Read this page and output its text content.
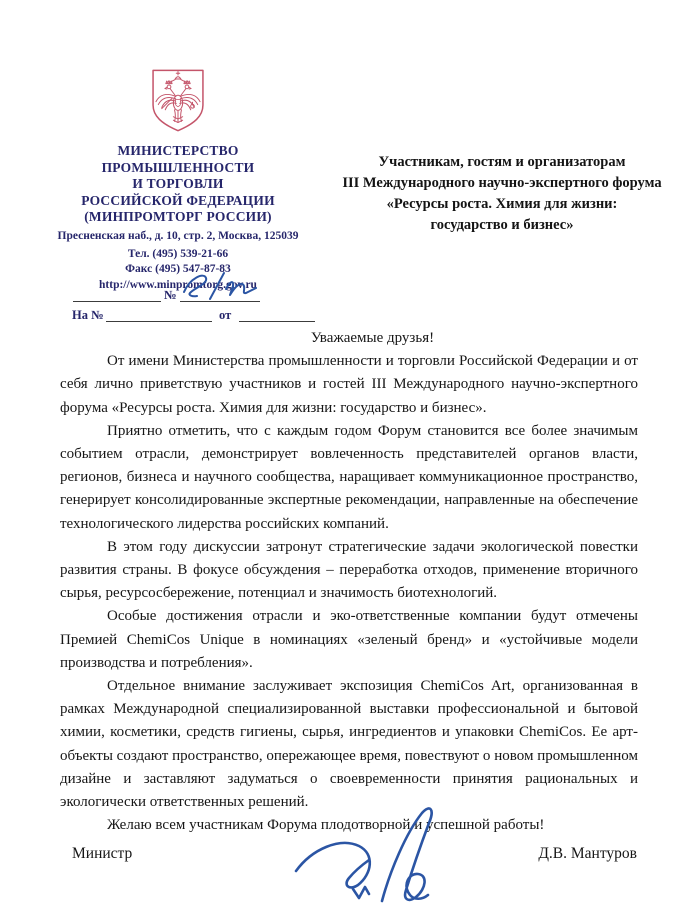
МИНИСТЕРСТВО
ПРОМЫШЛЕННОСТИ
И ТОРГОВЛИ
РОССИЙСКОЙ ФЕДЕРАЦИИ
(МИНПРОМТОРГ РОССИИ)
Пресненская наб., д. 10, стр. 2, Москва, 125039
Тел. (495) 539-21-66
Факс (495) 547-87-83
http://www.minpromtorg.gov.ru
№
На №	от
Участникам, гостям и организаторам
III Международного научно-экспертного форума
«Ресурсы роста. Химия для жизни:
государство и бизнес»

Уважаемые друзья!

От имени Министерства промышленности и торговли Российской Федерации и от себя лично приветствую участников и гостей III Международного научно-экспертного форума «Ресурсы роста. Химия для жизни: государство и бизнес».

Приятно отметить, что с каждым годом Форум становится все более значимым событием отрасли, демонстрирует вовлеченность представителей органов власти, регионов, бизнеса и научного сообщества, наращивает коммуникационное пространство, генерирует консолидированные экспертные рекомендации, направленные на обеспечение технологического лидерства российских компаний.

В этом году дискуссии затронут стратегические задачи экологической повестки развития страны. В фокусе обсуждения – переработка отходов, применение вторичного сырья, ресурсосбережение, потенциал и значимость биотехнологий.

Особые достижения отрасли и эко-ответственные компании будут отмечены Премией ChemiCos Unique в номинациях «зеленый бренд» и «устойчивые модели производства и потребления».

Отдельное внимание заслуживает экспозиция ChemiCos Art, организованная в рамках Международной специализированной выставки профессиональной и бытовой химии, косметики, средств гигиены, сырья, ингредиентов и упаковки ChemiCos. Ее арт-объекты создают пространство, опережающее время, повествуют о новом промышленном дизайне и заставляют задуматься о своевременности принятия рациональных и экологически ответственных решений.

Желаю всем участникам Форума плодотворной и успешной работы!

Министр	Д.В. Мантуров
